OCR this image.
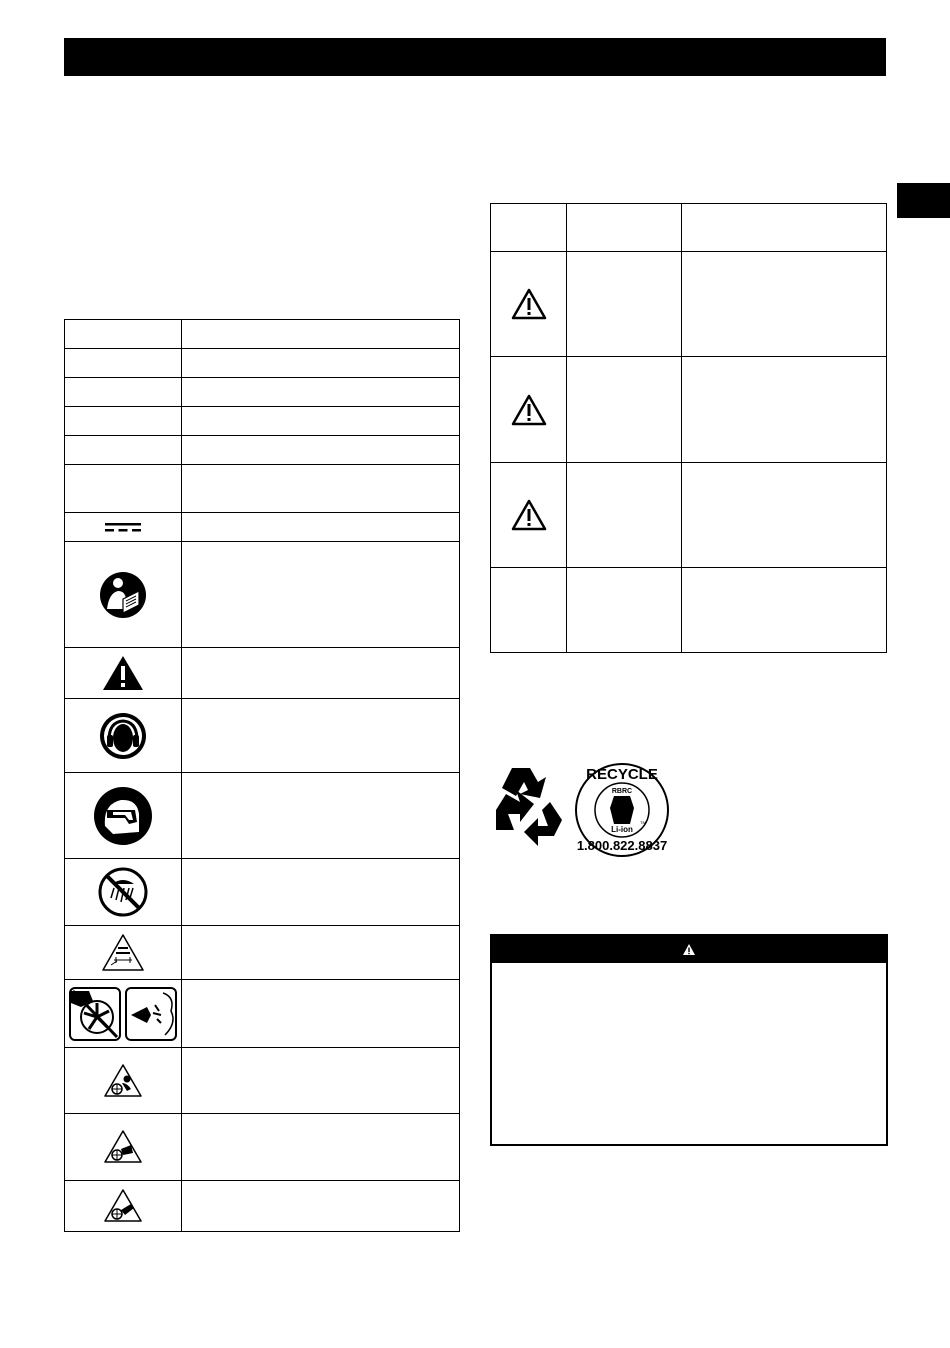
RECYCLE
RBRC
Li-ion
TM
1.800.822.8837
